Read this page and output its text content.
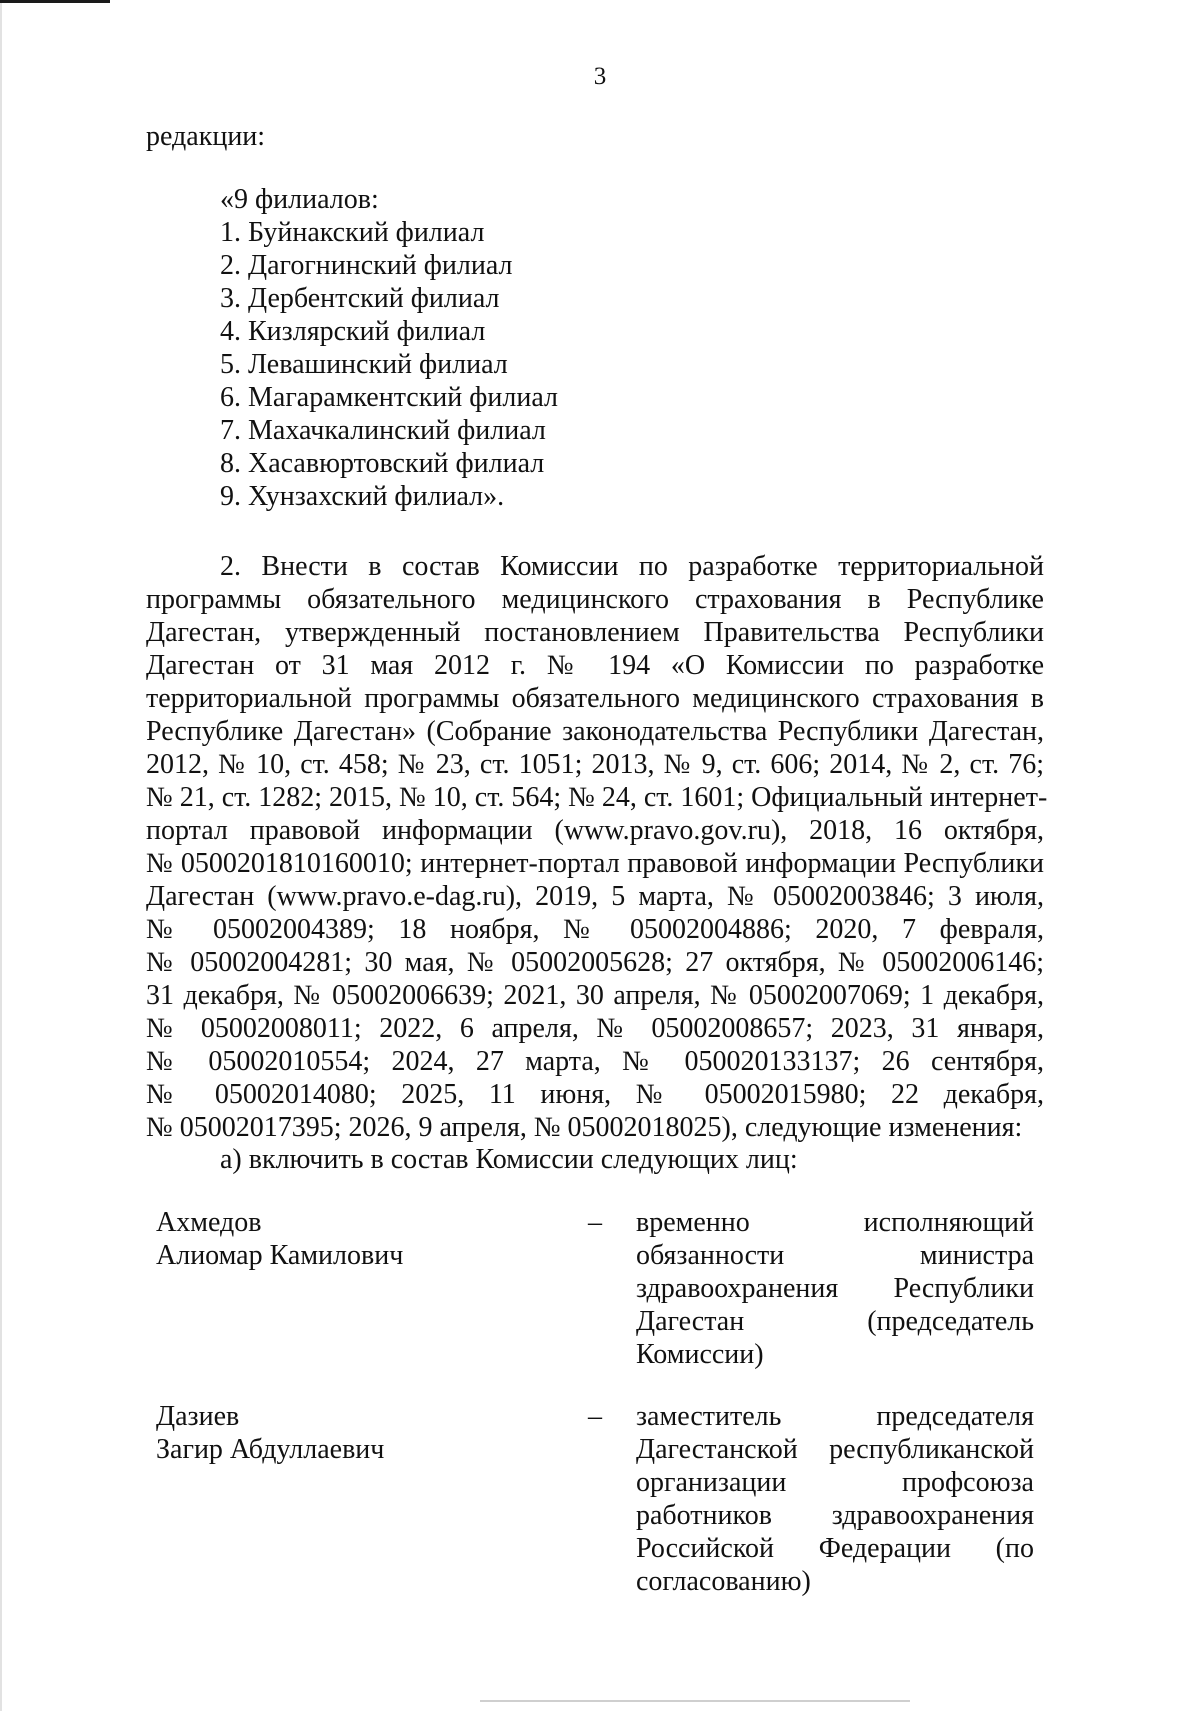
3
редакции:
«9 филиалов:
1. Буйнакский филиал
2. Дагогнинский филиал
3. Дербентский филиал
4. Кизлярский филиал
5. Левашинский филиал
6. Магарамкентский филиал
7. Махачкалинский филиал
8. Хасавюртовский филиал
9. Хунзахский филиал».
2. Внести в состав Комиссии по разработке территориальной
программы обязательного медицинского страхования в Республике
Дагестан, утвержденный постановлением Правительства Республики
Дагестан от 31 мая 2012 г. № 194 «О Комиссии по разработке
территориальной программы обязательного медицинского страхования в
Республике Дагестан» (Собрание законодательства Республики Дагестан,
2012, № 10, ст. 458; № 23, ст. 1051; 2013, № 9, ст. 606; 2014, № 2, ст. 76;
№ 21, ст. 1282; 2015, № 10, ст. 564; № 24, ст. 1601; Официальный интернет-
портал правовой информации (www.pravo.gov.ru), 2018, 16 октября,
№ 0500201810160010; интернет-портал правовой информации Республики
Дагестан (www.pravo.e-dag.ru), 2019, 5 марта, № 05002003846; 3 июля,
№ 05002004389; 18 ноября, № 05002004886; 2020, 7 февраля,
№ 05002004281; 30 мая, № 05002005628; 27 октября, № 05002006146;
31 декабря, № 05002006639; 2021, 30 апреля, № 05002007069; 1 декабря,
№ 05002008011; 2022, 6 апреля, № 05002008657; 2023, 31 января,
№ 05002010554; 2024, 27 марта, № 050020133137; 26 сентября,
№ 05002014080; 2025, 11 июня, № 05002015980; 22 декабря,
№ 05002017395; 2026, 9 апреля, № 05002018025), следующие изменения:
а) включить в состав Комиссии следующих лиц:
Ахмедов
Алиомар Камилович
– временно исполняющий
обязанности министра
здравоохранения Республики
Дагестан (председатель
Комиссии)
Дазиев
Загир Абдуллаевич
– заместитель председателя
Дагестанской республиканской
организации профсоюза
работников здравоохранения
Российской Федерации (по
согласованию)
